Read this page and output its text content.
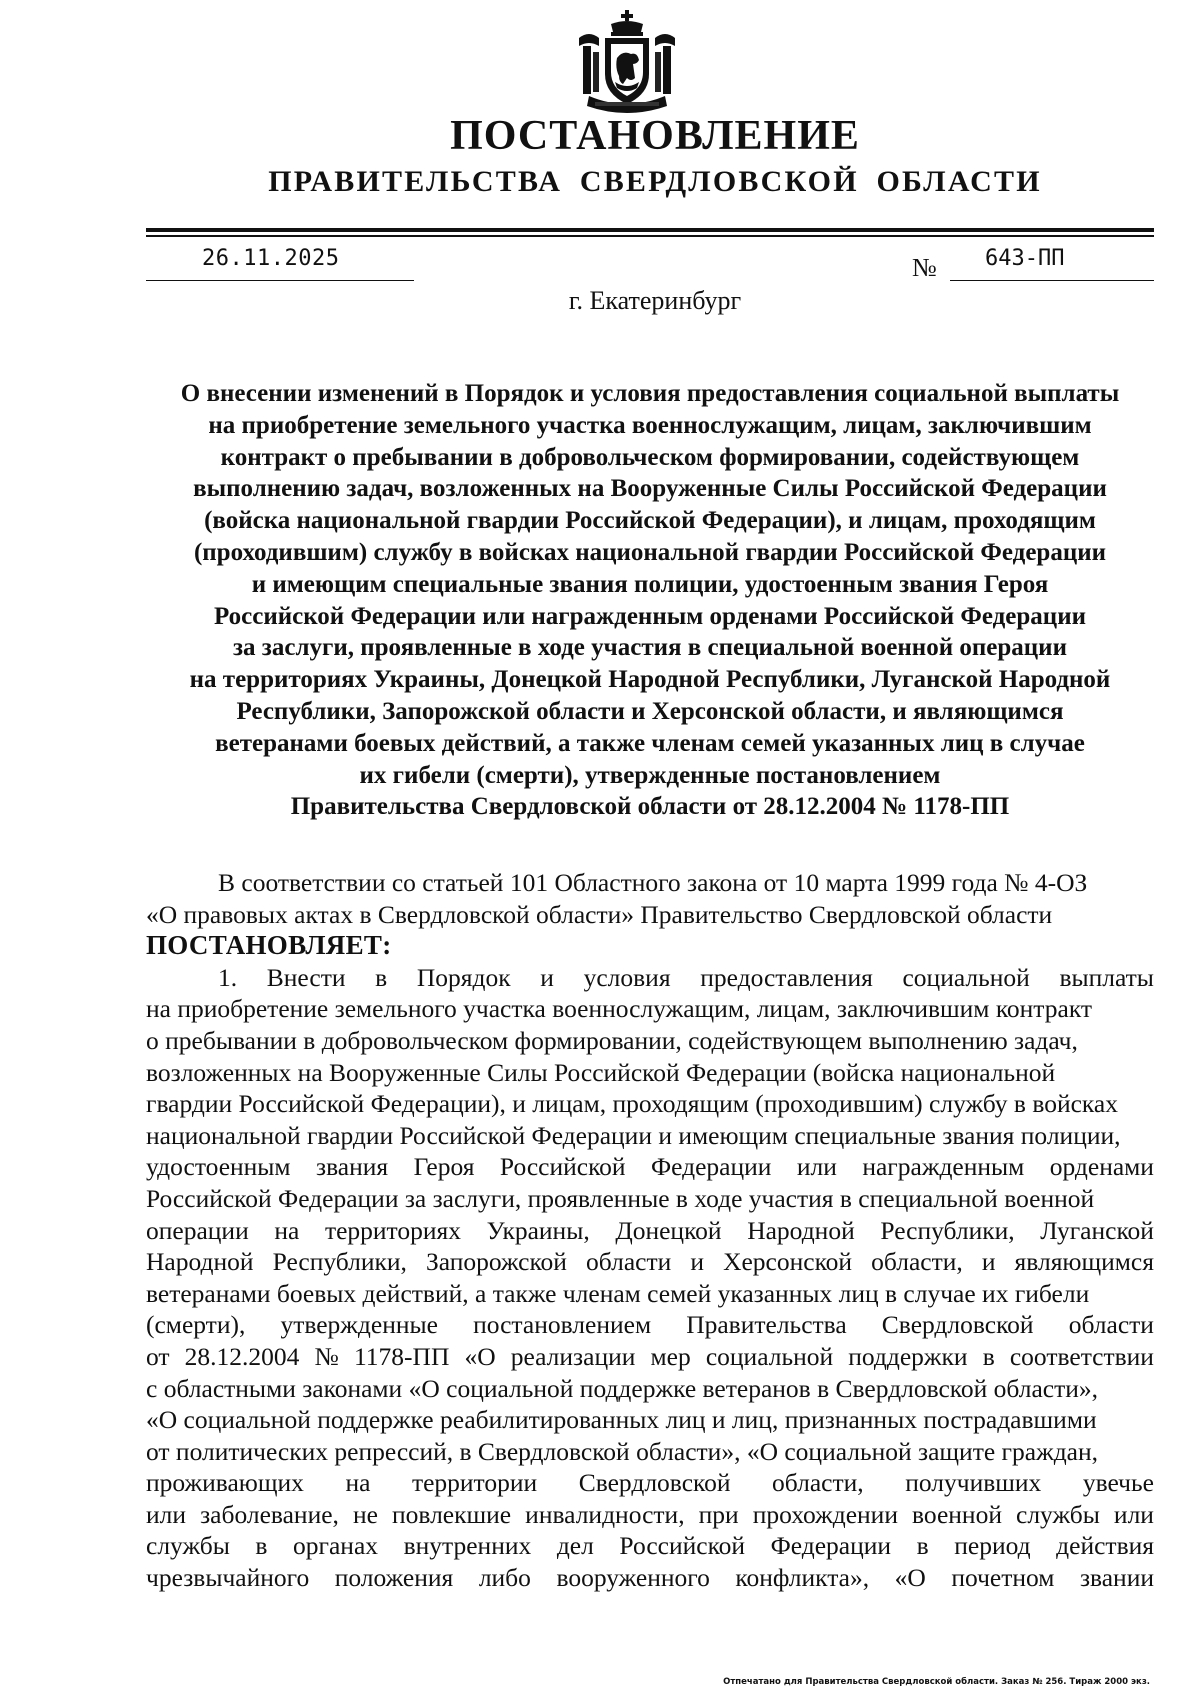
ПОСТАНОВЛЕНИЕ
ПРАВИТЕЛЬСТВА СВЕРДЛОВСКОЙ ОБЛАСТИ
26.11.2025	№ 643-ПП
г. Екатеринбург
О внесении изменений в Порядок и условия предоставления социальной выплаты
на приобретение земельного участка военнослужащим, лицам, заключившим
контракт о пребывании в добровольческом формировании, содействующем
выполнению задач, возложенных на Вооруженные Силы Российской Федерации
(войска национальной гвардии Российской Федерации), и лицам, проходящим
(проходившим) службу в войсках национальной гвардии Российской Федерации
и имеющим специальные звания полиции, удостоенным звания Героя
Российской Федерации или награжденным орденами Российской Федерации
за заслуги, проявленные в ходе участия в специальной военной операции
на территориях Украины, Донецкой Народной Республики, Луганской Народной
Республики, Запорожской области и Херсонской области, и являющимся
ветеранами боевых действий, а также членам семей указанных лиц в случае
их гибели (смерти), утвержденные постановлением
Правительства Свердловской области от 28.12.2004 № 1178-ПП
В соответствии со статьей 101 Областного закона от 10 марта 1999 года № 4-ОЗ
«О правовых актах в Свердловской области» Правительство Свердловской области
ПОСТАНОВЛЯЕТ:
1. Внести в Порядок и условия предоставления социальной выплаты
на приобретение земельного участка военнослужащим, лицам, заключившим контракт
о пребывании в добровольческом формировании, содействующем выполнению задач,
возложенных на Вооруженные Силы Российской Федерации (войска национальной
гвардии Российской Федерации), и лицам, проходящим (проходившим) службу в войсках
национальной гвардии Российской Федерации и имеющим специальные звания полиции,
удостоенным звания Героя Российской Федерации или награжденным орденами
Российской Федерации за заслуги, проявленные в ходе участия в специальной военной
операции на территориях Украины, Донецкой Народной Республики, Луганской
Народной Республики, Запорожской области и Херсонской области, и являющимся
ветеранами боевых действий, а также членам семей указанных лиц в случае их гибели
(смерти), утвержденные постановлением Правительства Свердловской области
от 28.12.2004 № 1178-ПП «О реализации мер социальной поддержки в соответствии
с областными законами «О социальной поддержке ветеранов в Свердловской области»,
«О социальной поддержке реабилитированных лиц и лиц, признанных пострадавшими
от политических репрессий, в Свердловской области», «О социальной защите граждан,
проживающих на территории Свердловской области, получивших увечье
или заболевание, не повлекшие инвалидности, при прохождении военной службы или
службы в органах внутренних дел Российской Федерации в период действия
чрезвычайного положения либо вооруженного конфликта», «О почетном звании
Отпечатано для Правительства Свердловской области. Заказ № 256. Тираж 2000 экз.
